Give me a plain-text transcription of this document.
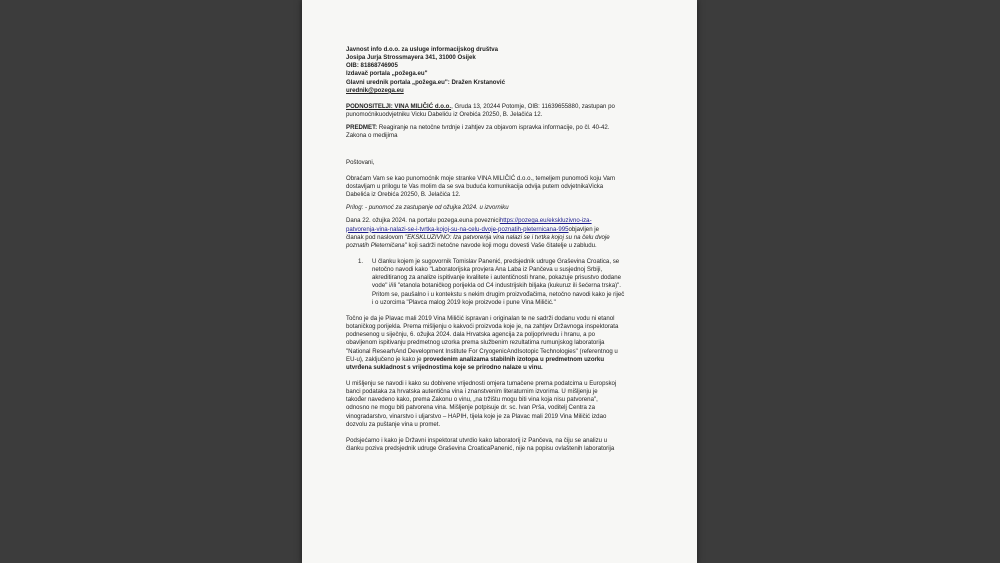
Javnost info d.o.o. za usluge informacijskog društva
Josipa Jurja Strossmayera 341, 31000 Osijek
OIB: 81868746905
Izdavač portala „požega.eu"
Glavni urednik portala „požega.eu": Dražen Krstanović
urednik@pozega.eu
PODNOSITELJI: VINA MILIČIĆ d.o.o., Gruda 13, 20244 Potomje, OIB: 11639655880, zastupan po
punomoćnikuodvjetniku Vicku Dabeliću iz Orebića 20250, B. Jelačića 12.
PREDMET: Reagiranje na netočne tvrdnje i zahtjev za objavom ispravka informacije, po čl. 40-42.
Zakona o medijima
Poštovani,
Obraćam Vam se kao punomoćnik moje stranke VINA MILIČIĆ d.o.o., temeljem punomoći koju Vam
dostavljam u prilogu te Vas molim da se sva buduća komunikacija odvija putem odvjetnikaVicka
Dabelića iz Orebića 20250, B. Jelačića 12.
Prilog: - punomoć za zastupanje od ožujka 2024. u izvorniku
Dana 22. ožujka 2024. na portalu pozega.euna poveznicihttps://pozega.eu/ekskluzivno-iza-
patvorenja-vina-nalazi-se-i-tvrtka-kojoj-su-na-celu-dvoje-poznatih-pleternicana-995objavljen je
članak pod naslovom "EKSKLUZIVNO: Iza patvorenja vina nalazi se i tvrtka kojoj su na čelu dvoje
poznatih Pleterničana" koji sadrži netočne navode koji mogu dovesti Vaše čitatelje u zabludu.
1.	U članku kojem je sugovornik Tomislav Panenić, predsjednik udruge Graševina Croatica, se
netočno navodi kako "Laboratorijska provjera Ana Laba iz Pančeva u susjednoj Srbiji,
akreditiranog za analize ispitivanje kvalitete i autentičnosti hrane, pokazuje prisustvo dodane
vode" i/ili "etanola botaničkog porijekla od C4 industrijskih biljaka (kukuruz ili šećerna trska)".
Pritom se, paušalno i u kontekstu s nekim drugim proizvođačima, netočno navodi kako je riječ
i o uzorcima "Plavca malog 2019 koje proizvode i pune Vina Miličić."
Točno je da je Plavac mali 2019 Vina Miličić ispravan i originalan te ne sadrži dodanu vodu ni etanol
botaničkog porijekla. Prema mišljenju o kakvoći proizvoda koje je, na zahtjev Državnoga inspektorata
podnesenog u siječnju, 6. ožujka 2024. dala Hrvatska agencija za poljoprivredu i hranu, a po
obavljenom ispitivanju predmetnog uzorka prema službenim rezultatima rumunjskog laboratorija
"National ResearhAnd Development Institute For CryogenicAndIsotopic Technologies" (referentnog u
EU-u), zaključeno je kako je provedenim analizama stabilnih izotopa u predmetnom uzorku
utvrđena sukladnost s vrijednostima koje se prirodno nalaze u vinu.
U mišljenju se navodi i kako su dobivene vrijednosti omjera tumačene prema podatcima u Europskoj
banci podataka za hrvatska autentična vina i znanstvenim literaturnim izvorima. U mišljenju je
također navedeno kako, prema Zakonu o vinu, „na tržištu mogu biti vina koja nisu patvorena",
odnosno ne mogu biti patvorena vina. Mišljenje potpisuje dr. sc. Ivan Prša, voditelj Centra za
vinogradarstvo, vinarstvo i uljarstvo – HAPIH, tijela koje je za Plavac mali 2019 Vina Miličić izdao
dozvolu za puštanje vina u promet.
Podsjećamo i kako je Državni inspektorat utvrdio kako laboratorij iz Pančeva, na čiju se analizu u
članku poziva predsjednik udruge Graševina CroaticaPanenić, nije na popisu ovlaštenih laboratorija
